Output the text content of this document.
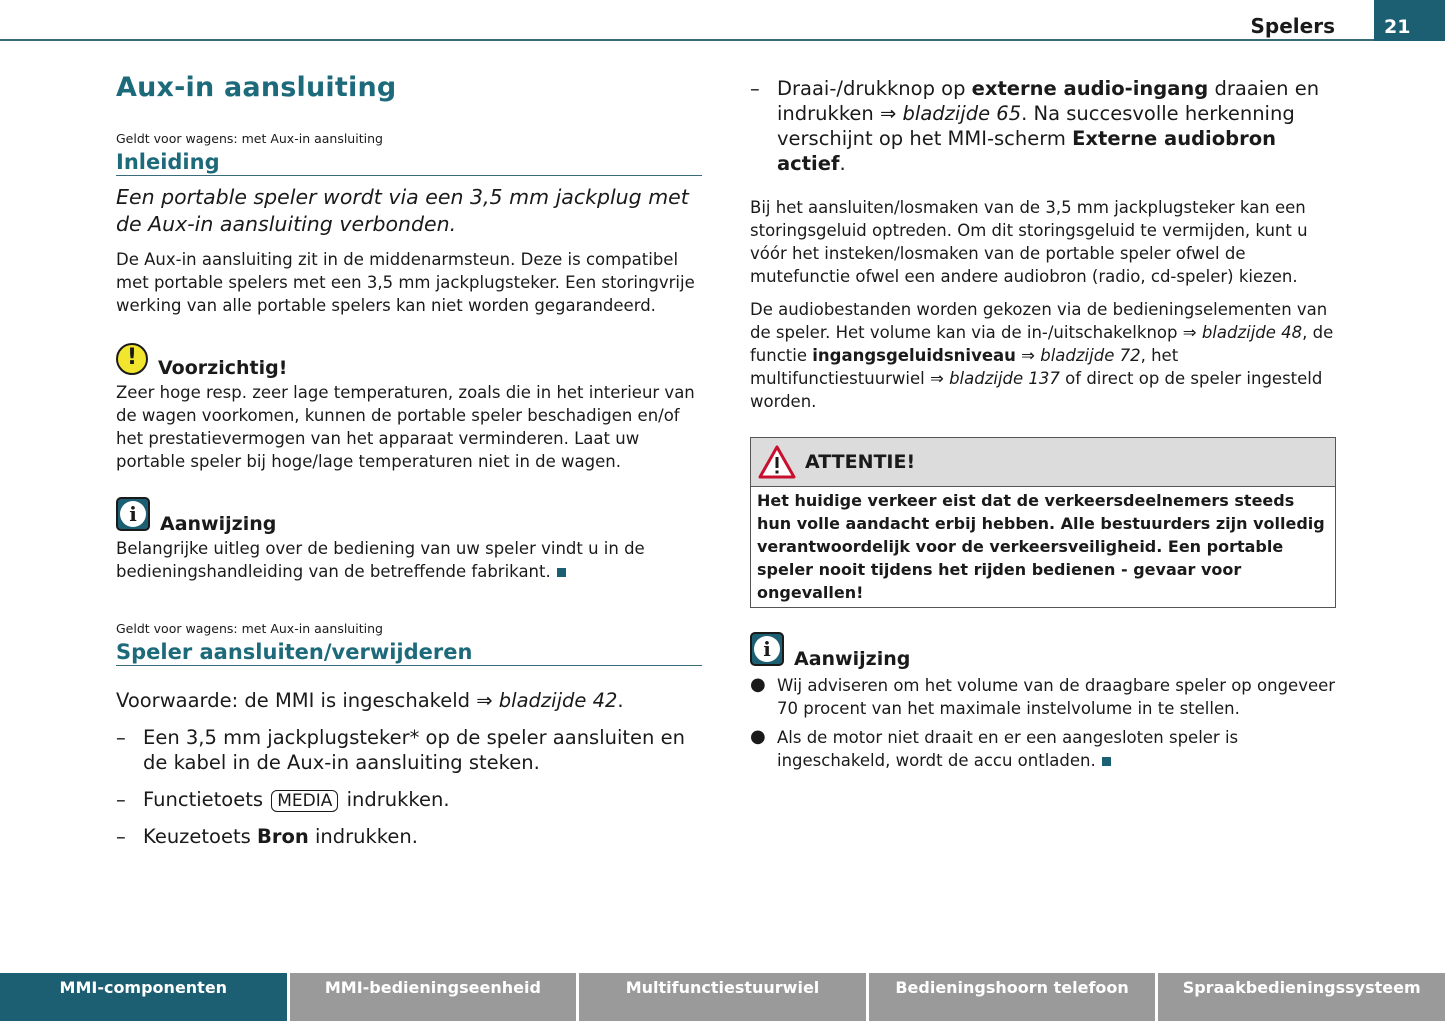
Spelers	21
Aux-in aansluiting
Geldt voor wagens: met Aux-in aansluiting
Inleiding

Een portable speler wordt via een 3,5 mm jackplug met de Aux-in aansluiting verbonden.

De Aux-in aansluiting zit in de middenarmsteun. Deze is compatibel met portable spelers met een 3,5 mm jackplugsteker. Een storingvrije werking van alle portable spelers kan niet worden gegarandeerd.

!
Voorzichtig!

Zeer hoge resp. zeer lage temperaturen, zoals die in het interieur van de wagen voorkomen, kunnen de portable speler beschadigen en/of het prestatievermogen van het apparaat verminderen. Laat uw portable speler bij hoge/lage temperaturen niet in de wagen.

i
Aanwijzing

Belangrijke uitleg over de bediening van uw speler vindt u in de bedieningshandleiding van de betreffende fabrikant.

Geldt voor wagens: met Aux-in aansluiting
Speler aansluiten/verwijderen

Voorwaarde: de MMI is ingeschakeld ⇒ bladzijde 42.

– Een 3,5 mm jackplugsteker* op de speler aansluiten en de kabel in de Aux-in aansluiting steken.
– Functietoets MEDIA indrukken.
– Keuzetoets Bron indrukken.
– Draai-/drukknop op externe audio-ingang draaien en indrukken ⇒ bladzijde 65. Na succesvolle herkenning verschijnt op het MMI-scherm Externe audiobron actief.

Bij het aansluiten/losmaken van de 3,5 mm jackplugsteker kan een storingsgeluid optreden. Om dit storingsgeluid te vermijden, kunt u vóór het insteken/losmaken van de portable speler ofwel de mutefunctie ofwel een andere audiobron (radio, cd-speler) kiezen.

De audiobestanden worden gekozen via de bedieningselementen van de speler. Het volume kan via de in-/uitschakelknop ⇒ bladzijde 48, de functie ingangsgeluidsniveau ⇒ bladzijde 72, het multifunctiestuurwiel ⇒ bladzijde 137 of direct op de speler ingesteld worden.

ATTENTIE!
Het huidige verkeer eist dat de verkeersdeelnemers steeds hun volle aandacht erbij hebben. Alle bestuurders zijn volledig verantwoordelijk voor de verkeersveiligheid. Een portable speler nooit tijdens het rijden bedienen - gevaar voor ongevallen!
i
Aanwijzing
● Wij adviseren om het volume van de draagbare speler op ongeveer 70 procent van het maximale instelvolume in te stellen.
● Als de motor niet draait en er een aangesloten speler is ingeschakeld, wordt de accu ontladen.
MMI-componenten	MMI-bedieningseenheid	Multifunctiestuurwiel	Bedieningshoorn telefoon	Spraakbedieningssysteem
